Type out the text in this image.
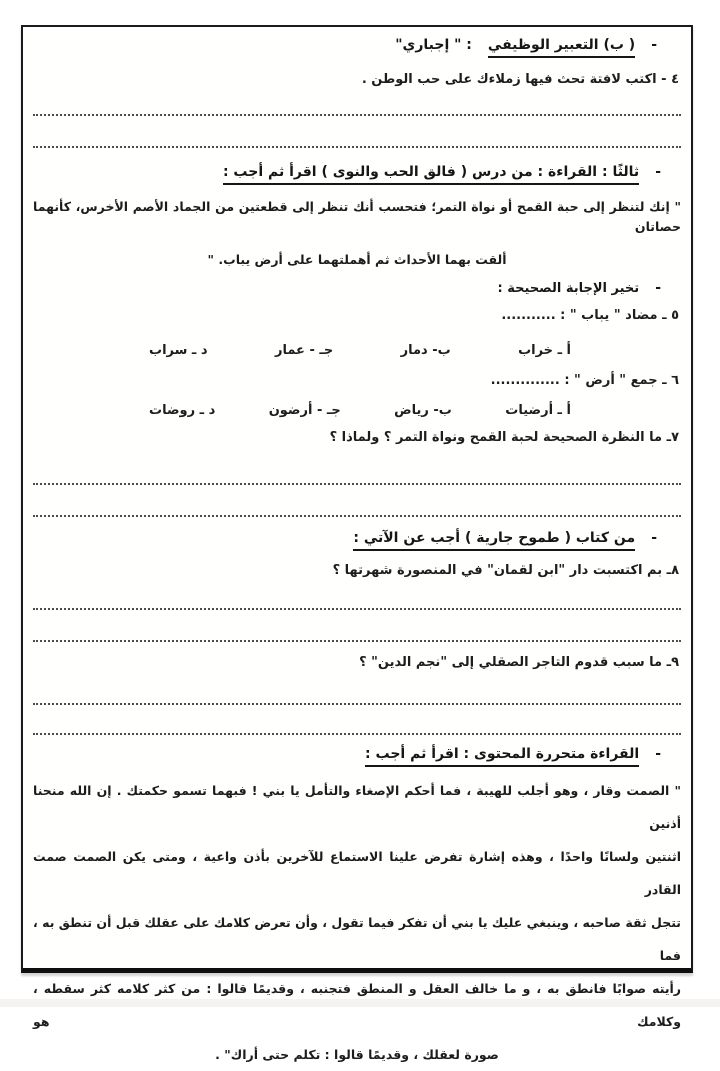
-
( ب) التعبير الوظيفي
: " إجباري"
٤ - اكتب لافتة تحث فيها زملاءك على حب الوطن .
-
ثالثًا : القراءة : من درس ( فالق الحب والنوى ) اقرأ ثم أجب :
" إنك لتنظر إلى حبة القمح أو نواة التمر؛ فتحسب أنك تنظر إلى قطعتين من الجماد الأصم الأخرس، كأنهما حصاتان
ألقت بهما الأحداث ثم أهملتهما على أرض يباب. "
-
تخير الإجابة الصحيحة :
٥ ـ مضاد " يباب " : ...........
أ ـ خراب
ب- دمار
جـ - عمار
د ـ سراب
٦ ـ جمع " أرض " : ..............
أ ـ أرضيات
ب- رياض
جـ - أرضون
د ـ روضات
٧ـ ما النظرة الصحيحة لحبة القمح ونواة التمر ؟ ولماذا ؟
-
من كتاب ( طموح جارية ) أجب عن الآتي :
٨ـ بم اكتسبت دار "ابن لقمان" في المنصورة شهرتها ؟
٩ـ ما سبب قدوم التاجر الصقلي إلى "نجم الدين" ؟
-
القراءة متحررة المحتوى : اقرأ ثم أجب :
" الصمت وقار ، وهو أجلب للهيبة ، فما أحكم الإصغاء والتأمل يا بني ! فبهما تسمو حكمتك . إن الله منحنا أذنين
اثنتين ولسانًا واحدًا ، وهذه إشارة تفرض علينا الاستماع للآخرين بأذن واعية ، ومتى يكن الصمت صمت القادر
تتجل ثقة صاحبه ، وينبغي عليك يا بني أن تفكر فيما تقول ، وأن تعرض كلامك على عقلك قبل أن تنطق به ، فما
رأيته صوابًا فانطق به ، و ما خالف العقل و المنطق فتجنبه ، وقديمًا قالوا : من كثر كلامه كثر سقطه ، وكلامك هو
صورة لعقلك ، وقديمًا قالوا : تكلم حتى أراك" .
